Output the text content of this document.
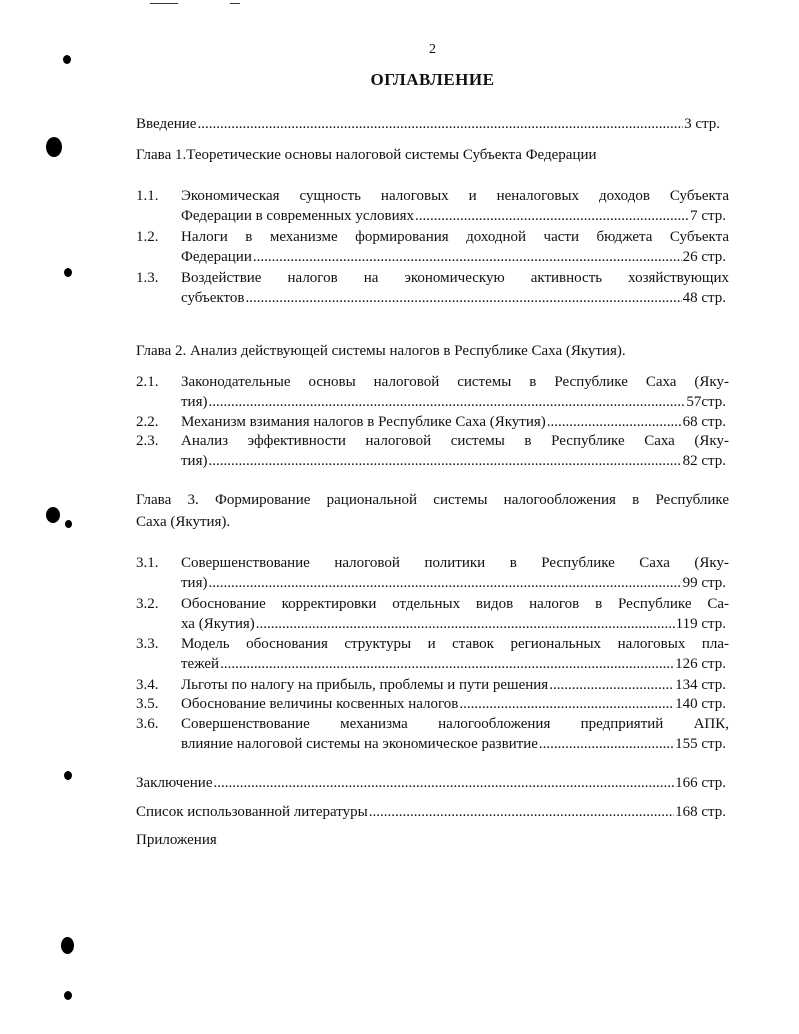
2
ОГЛАВЛЕНИЕ
Введение .....	3 стр.
Глава 1.Теоретические основы налоговой системы Субъекта Федерации
1.1.	Экономическая сущность налоговых и неналоговых доходов Субъекта
Федерации в современных условиях .....	7 стр.
1.2.	Налоги в механизме формирования доходной части бюджета Субъекта
Федерации .....	26 стр.
1.3.	Воздействие налогов на экономическую активность хозяйствующих
субъектов .....	48 стр.
Глава 2. Анализ действующей системы налогов в Республике Саха (Якутия).
2.1.	Законодательные основы налоговой системы в Республике Саха (Яку-
тия) .....	57стр.
2.2.	Механизм взимания налогов в Республике Саха (Якутия) .....	68 стр.
2.3.	Анализ эффективности налоговой системы в Республике Саха (Яку-
тия) .....	82 стр.
Глава 3. Формирование рациональной системы налогообложения в Республике
Саха (Якутия).
3.1.	Совершенствование налоговой политики в Республике Саха (Яку-
тия) .....	99 стр.
3.2.	Обоснование корректировки отдельных видов налогов в Республике Са-
ха (Якутия) .....	119 стр.
3.3.	Модель обоснования структуры и ставок региональных налоговых пла-
тежей .....	126 стр.
3.4.	Льготы по налогу на прибыль, проблемы и пути решения .....	134 стр.
3.5.	Обоснование величины косвенных налогов .....	140 стр.
3.6.	Совершенствование механизма налогообложения предприятий АПК,
влияние налоговой системы на экономическое развитие .....	155 стр.
Заключение .....	166 стр.
Список использованной литературы .....	168 стр.
Приложения
